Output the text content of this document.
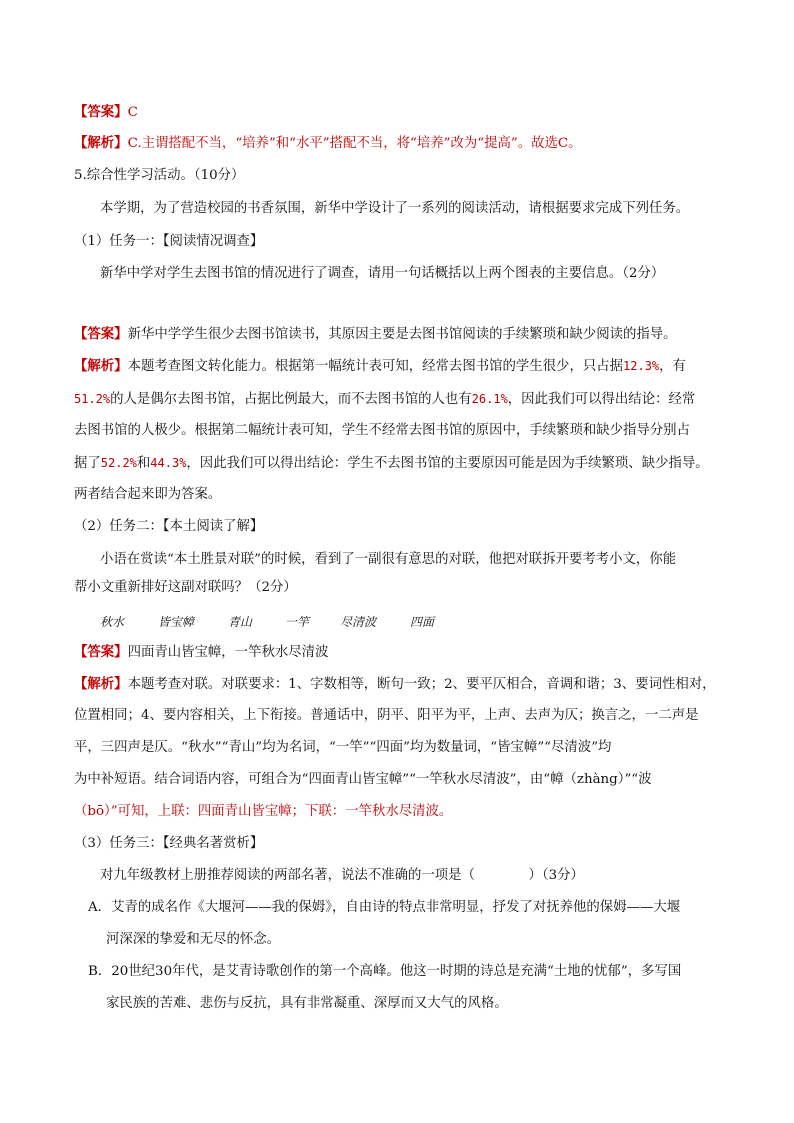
【答案】C
【解析】C.主谓搭配不当，“培养”和“水平”搭配不当，将“培养”改为“提高”。故选C。
5.综合性学习活动。（10分）
本学期，为了营造校园的书香氛围，新华中学设计了一系列的阅读活动，请根据要求完成下列任务。
（1）任务一：【阅读情况调查】
新华中学对学生去图书馆的情况进行了调查，请用一句话概括以上两个图表的主要信息。（2分）
【答案】新华中学学生很少去图书馆读书，其原因主要是去图书馆阅读的手续繁琐和缺少阅读的指导。
【解析】本题考查图文转化能力。根据第一幅统计表可知，经常去图书馆的学生很少，只占据12.3%，有
51.2%的人是偶尔去图书馆，占据比例最大，而不去图书馆的人也有26.1%，因此我们可以得出结论：经常
去图书馆的人极少。根据第二幅统计表可知，学生不经常去图书馆的原因中，手续繁琐和缺少指导分别占
据了52.2%和44.3%，因此我们可以得出结论：学生不去图书馆的主要原因可能是因为手续繁琐、缺少指导。
两者结合起来即为答案。
（2）任务二：【本土阅读了解】
小语在赏读“本土胜景对联”的时候，看到了一副很有意思的对联，他把对联拆开要考考小文，你能
帮小文重新排好这副对联吗？（2分）
秋水	皆宝幛	青山	一竿	尽清波	四面
【答案】四面青山皆宝幛，一竿秋水尽清波
【解析】本题考查对联。对联要求：1、字数相等，断句一致；2、要平仄相合，音调和谐；3、要词性相对，
位置相同；4、要内容相关，上下衔接。普通话中，阴平、阳平为平，上声、去声为仄；换言之，一二声是
平，三四声是仄。“秋水”“青山”均为名词，“一竿”“四面”均为数量词，“皆宝幛”“尽清波”均
为中补短语。结合词语内容，可组合为“四面青山皆宝幛”“一竿秋水尽清波”，由“幛（zhàng）”“波
（bō）”可知，上联：四面青山皆宝幛；下联：一竿秋水尽清波。
（3）任务三：【经典名著赏析】
对九年级教材上册推荐阅读的两部名著，说法不准确的一项是（　　　　）（3分）
A．艾青的成名作《大堰河——我的保姆》，自由诗的特点非常明显，抒发了对抚养他的保姆——大堰
河深深的挚爱和无尽的怀念。
B．20世纪30年代，是艾青诗歌创作的第一个高峰。他这一时期的诗总是充满“土地的忧郁”，多写国
家民族的苦难、悲伤与反抗，具有非常凝重、深厚而又大气的风格。
